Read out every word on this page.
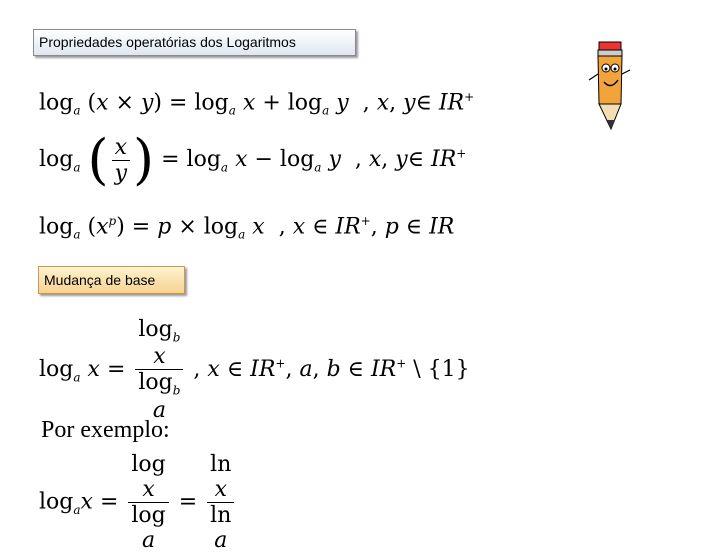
Propriedades operatórias dos Logaritmos
$\log_a (x \times y) = \log_a x + \log_a y$  , x, y∈ IR+
$\log_a$ ( $\frac{x}{y}$ ) = $\log_a x - \log_a y$  , x, y∈ IR+
$\log_a (x^p) = p \times \log_a x$  , x ∈ IR+, p ∈ IR
Mudança de base
$\log_a x = \log_b$
x
$\log_b$
a , x ∈ IR+, a, b ∈ IR+ \ {1}
Por exemplo:
$\log_ax = \log$
x
log
a = ln
x
ln
a
